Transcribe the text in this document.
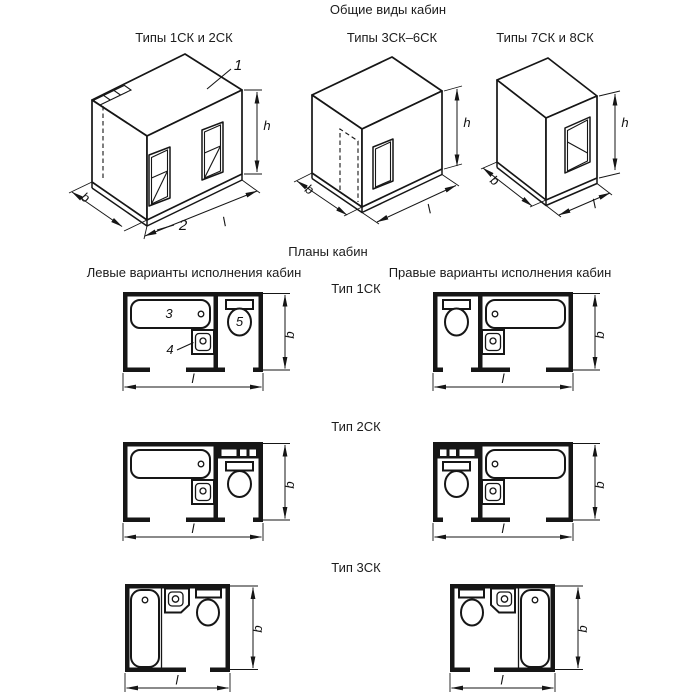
Общие виды кабин
Типы 1СК и 2СК	Типы 3СК–6СК	Типы 7СК и 8СК
Планы кабин
Левые варианты исполнения кабин	Правые варианты исполнения кабин
Тип 1СК
Тип 2СК
Тип 3СК
1
2
h
b
l
h
b
l
h
b
l
3
4
5
b
l
b
l
b
l
b
l
b
l
b
l
